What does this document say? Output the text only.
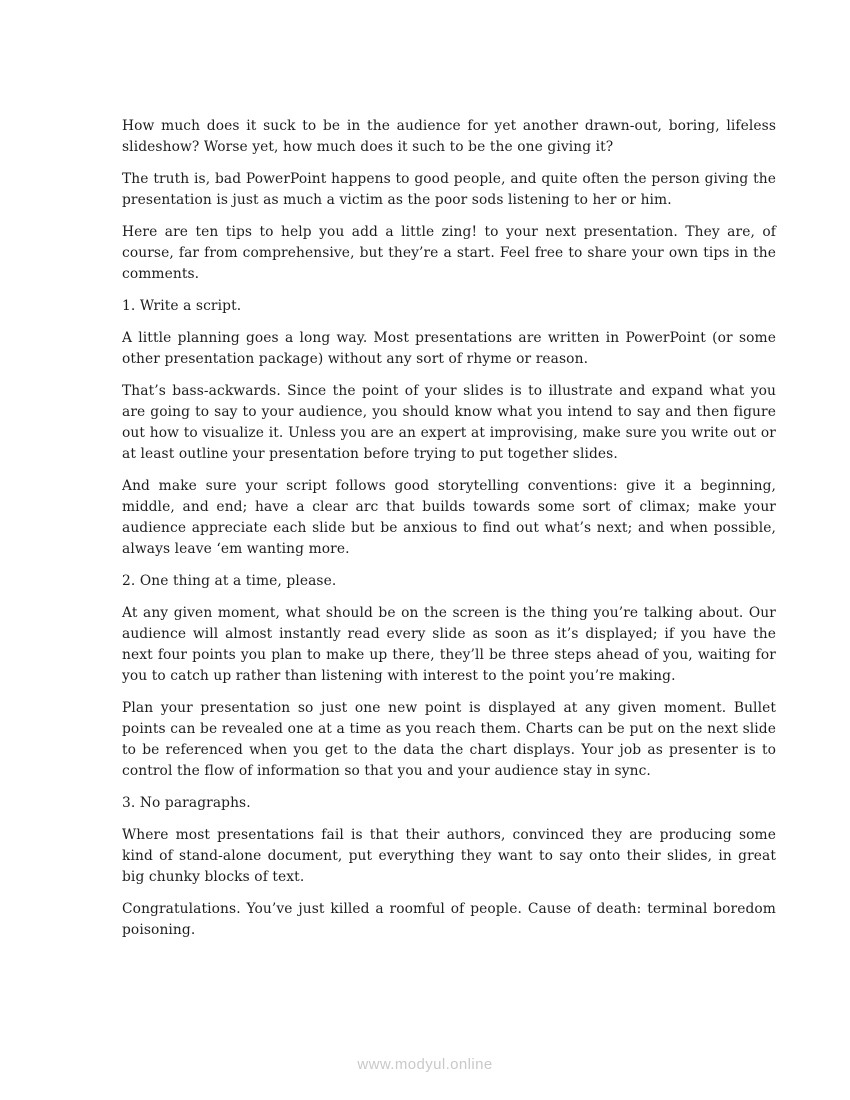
How much does it suck to be in the audience for yet another drawn-out, boring, lifeless slideshow? Worse yet, how much does it such to be the one giving it?

The truth is, bad PowerPoint happens to good people, and quite often the person giving the presentation is just as much a victim as the poor sods listening to her or him.

Here are ten tips to help you add a little zing! to your next presentation. They are, of course, far from comprehensive, but they’re a start. Feel free to share your own tips in the comments.

1. Write a script.

A little planning goes a long way. Most presentations are written in PowerPoint (or some other presentation package) without any sort of rhyme or reason.

That’s bass-ackwards. Since the point of your slides is to illustrate and expand what you are going to say to your audience, you should know what you intend to say and then figure out how to visualize it. Unless you are an expert at improvising, make sure you write out or at least outline your presentation before trying to put together slides.

And make sure your script follows good storytelling conventions: give it a beginning, middle, and end; have a clear arc that builds towards some sort of climax; make your audience appreciate each slide but be anxious to find out what’s next; and when possible, always leave ‘em wanting more.

2. One thing at a time, please.

At any given moment, what should be on the screen is the thing you’re talking about. Our audience will almost instantly read every slide as soon as it’s displayed; if you have the next four points you plan to make up there, they’ll be three steps ahead of you, waiting for you to catch up rather than listening with interest to the point you’re making.

Plan your presentation so just one new point is displayed at any given moment. Bullet points can be revealed one at a time as you reach them. Charts can be put on the next slide to be referenced when you get to the data the chart displays. Your job as presenter is to control the flow of information so that you and your audience stay in sync.

3. No paragraphs.

Where most presentations fail is that their authors, convinced they are producing some kind of stand-alone document, put everything they want to say onto their slides, in great big chunky blocks of text.

Congratulations. You’ve just killed a roomful of people. Cause of death: terminal boredom poisoning.

www.modyul.online
